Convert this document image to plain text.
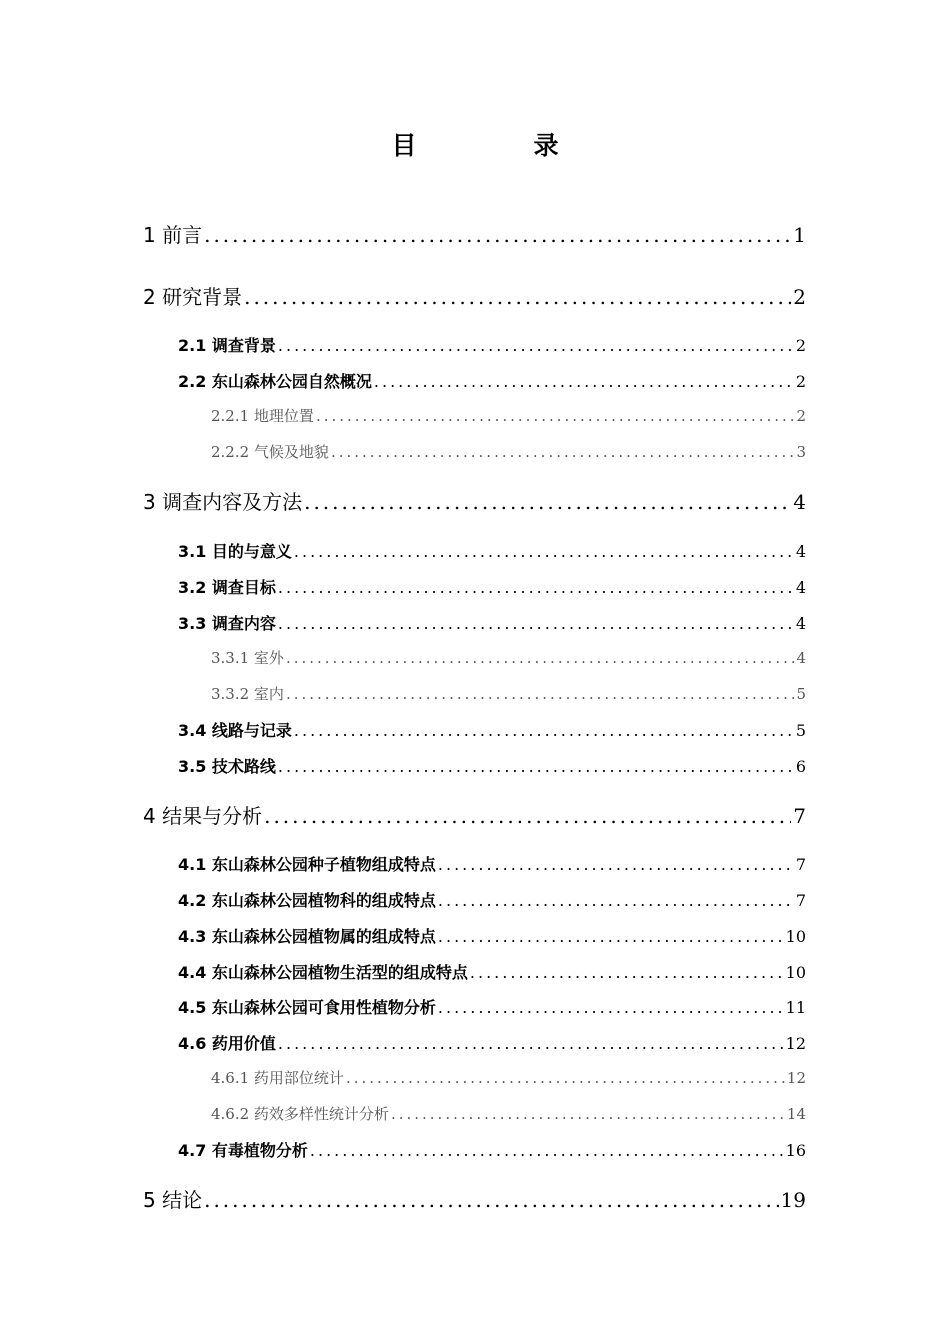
目　录
1 前言 .....	1
2 研究背景 .....	2
2.1 调查背景 .....	2
2.2 东山森林公园自然概况 .....	2
2.2.1 地理位置 .....	2
2.2.2 气候及地貌 .....	3
3 调查内容及方法 .....	4
3.1 目的与意义 .....	4
3.2 调查目标 .....	4
3.3 调查内容 .....	4
3.3.1 室外 .....	4
3.3.2 室内 .....	5
3.4 线路与记录 .....	5
3.5 技术路线 .....	6
4 结果与分析 .....	7
4.1 东山森林公园种子植物组成特点 .....	7
4.2 东山森林公园植物科的组成特点 .....	7
4.3 东山森林公园植物属的组成特点 .....	10
4.4 东山森林公园植物生活型的组成特点 .....	10
4.5 东山森林公园可食用性植物分析 .....	11
4.6 药用价值 .....	12
4.6.1 药用部位统计 .....	12
4.6.2 药效多样性统计分析 .....	14
4.7 有毒植物分析 .....	16
5 结论 .....	19
